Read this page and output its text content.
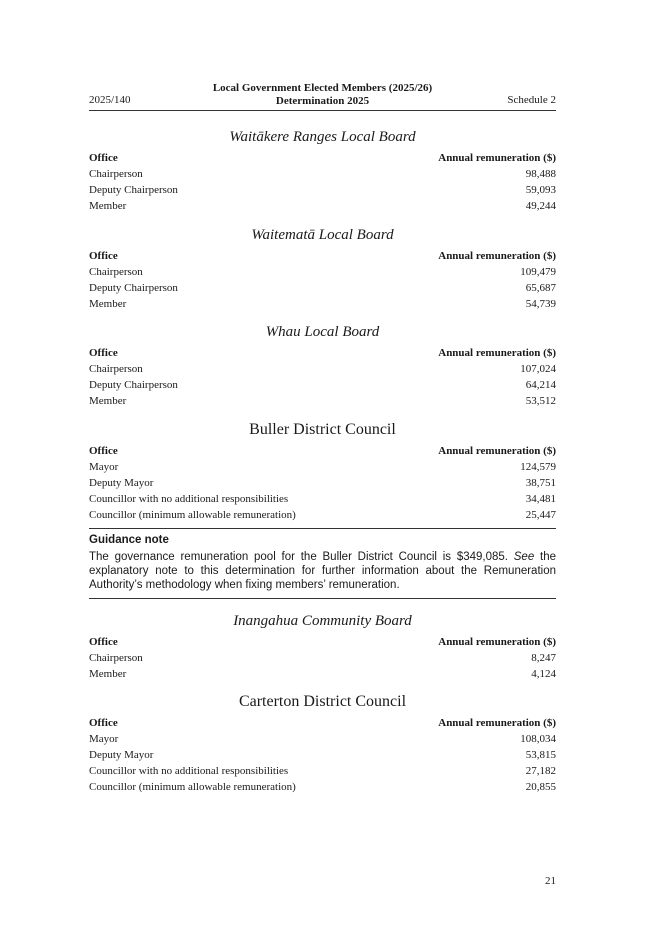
2025/140
Local Government Elected Members (2025/26)
Determination 2025	Schedule 2
Waitākere Ranges Local Board
Office	Annual remuneration ($)
Chairperson	98,488
Deputy Chairperson	59,093
Member	49,244
Waitematā Local Board
Office	Annual remuneration ($)
Chairperson	109,479
Deputy Chairperson	65,687
Member	54,739
Whau Local Board
Office	Annual remuneration ($)
Chairperson	107,024
Deputy Chairperson	64,214
Member	53,512
Buller District Council
Office	Annual remuneration ($)
Mayor	124,579
Deputy Mayor	38,751
Councillor with no additional responsibilities	34,481
Councillor (minimum allowable remuneration)	25,447
Guidance note
The governance remuneration pool for the Buller District Council is $349,085. See the explanatory note to this determination for further information about the Remuneration Authority’s methodology when fixing members’ remuneration.
Inangahua Community Board
Office	Annual remuneration ($)
Chairperson	8,247
Member	4,124
Carterton District Council
Office	Annual remuneration ($)
Mayor	108,034
Deputy Mayor	53,815
Councillor with no additional responsibilities	27,182
Councillor (minimum allowable remuneration)	20,855
21
